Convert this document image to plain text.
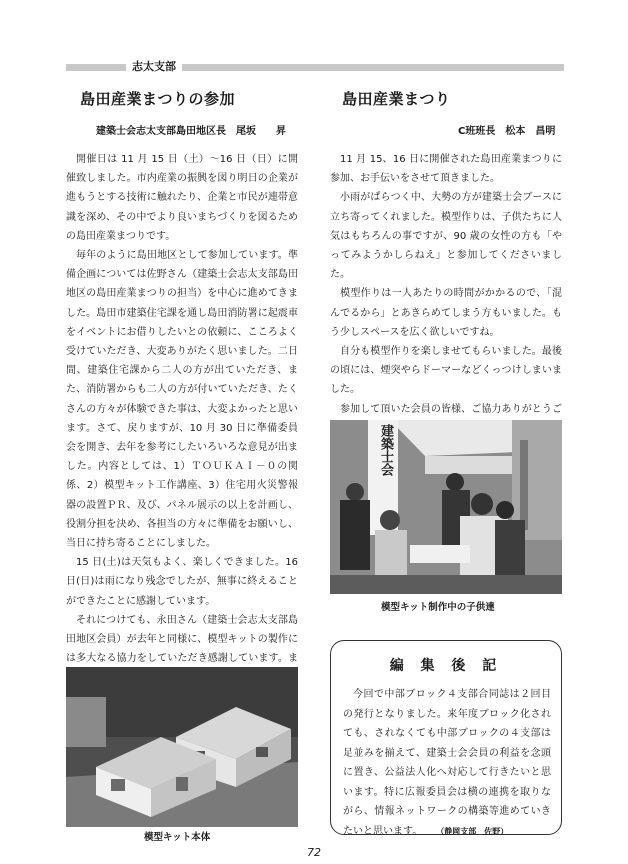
志太支部
島田産業まつりの参加
建築士会志太支部島田地区長　尾坂　　昇

開催日は 11 月 15 日（土）～16 日（日）に開催致しました。市内産業の振興を図り明日の企業が進もうとする技術に触れたり、企業と市民が連帯意識を深め、その中でより良いまちづくりを図るための島田産業まつりです。

毎年のように島田地区として参加しています。準備企画については佐野さん（建築士会志太支部島田地区の島田産業まつりの担当）を中心に進めてきました。島田市建築住宅課を通し島田消防署に起震車をイベントにお借りしたいとの依頼に、こころよく受けていただき、大変ありがたく思いました。二日間、建築住宅課から二人の方が出ていただき、また、消防署からも二人の方が付いていただき、たくさんの方々が体験できた事は、大変よかったと思います。さて、戻りますが、10 月 30 日に準備委員会を開き、去年を参考にしたいろいろな意見が出ました。内容としては、1）ＴＯＵＫＡＩ－０の関係、2）模型キット工作講座、3）住宅用火災警報器の設置ＰＲ、及び、パネル展示の以上を計画し、役割分担を決め、各担当の方々に準備をお願いし、当日に持ち寄ることにしました。

15 日(土)は天気もよく、楽しくできました。16 日(日)は雨になり残念でしたが、無事に終えることができたことに感謝しています。

それにつけても、永田さん（建築士会志太支部島田地区会員）が去年と同様に、模型キットの製作には多大なる協力をしていただき感謝しています。ま

模型キット本体
島田産業まつり
C班班長　松本　昌明

11 月 15、16 日に開催された島田産業まつりに参加、お手伝いをさせて頂きました。

小雨がぱらつく中、大勢の方が建築士会ブースに立ち寄ってくれました。模型作りは、子供たちに人気はもちろんの事ですが、90 歳の女性の方も「やってみようかしらねえ」と参加してくださいました。

模型作りは一人あたりの時間がかかるので、「混んでるから」とあきらめてしまう方もいました。もう少しスペースを広く欲しいですね。

自分も模型作りを楽しませてもらいました。最後の頃には、煙突やらドーマーなどくっつけしまいました。

参加して頂いた会員の皆様、ご協力ありがとうご

建築士会
模型キット制作中の子供達
編 集 後 記

今回で中部ブロック４支部合同誌は２回目の発行となりました。来年度ブロック化されても、されなくても中部ブロックの４支部は足並みを揃えて、建築士会会員の利益を念頭に置き、公益法人化へ対応して行きたいと思います。特に広報委員会は横の連携を取りながら、情報ネットワークの構築等進めていきたいと思います。 （静岡支部　佐野）

72
